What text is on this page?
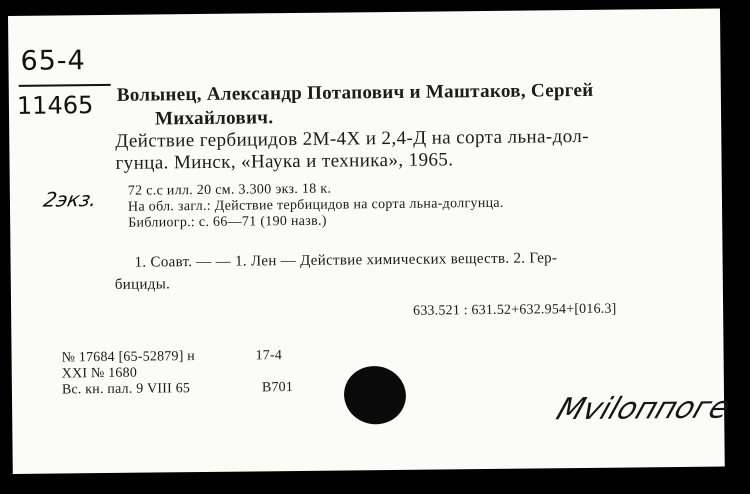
65-4
11465
2экз.
Волынец, Александр Потапович и Маштаков, Сергей
Михайлович.
Действие гербицидов 2М-4Х и 2,4-Д на сорта льна-дол-
гунца. Минск, «Наука и техника», 1965.
72 с.с илл. 20 см. 3.300 экз. 18 к.
На обл. загл.: Действие тербицидов на сорта льна-долгунца.
Библиогр.: с. 66—71 (190 назв.)
1. Соавт. — — 1. Лен — Действие химических веществ. 2. Гер-
бициды.
633.521 : 631.52+632.954+[016.3]
№ 17684 [65-52879] н	17-4
XXI № 1680
Вс. кн. пал. 9 VIII 65	В701
Мvilоппоге
